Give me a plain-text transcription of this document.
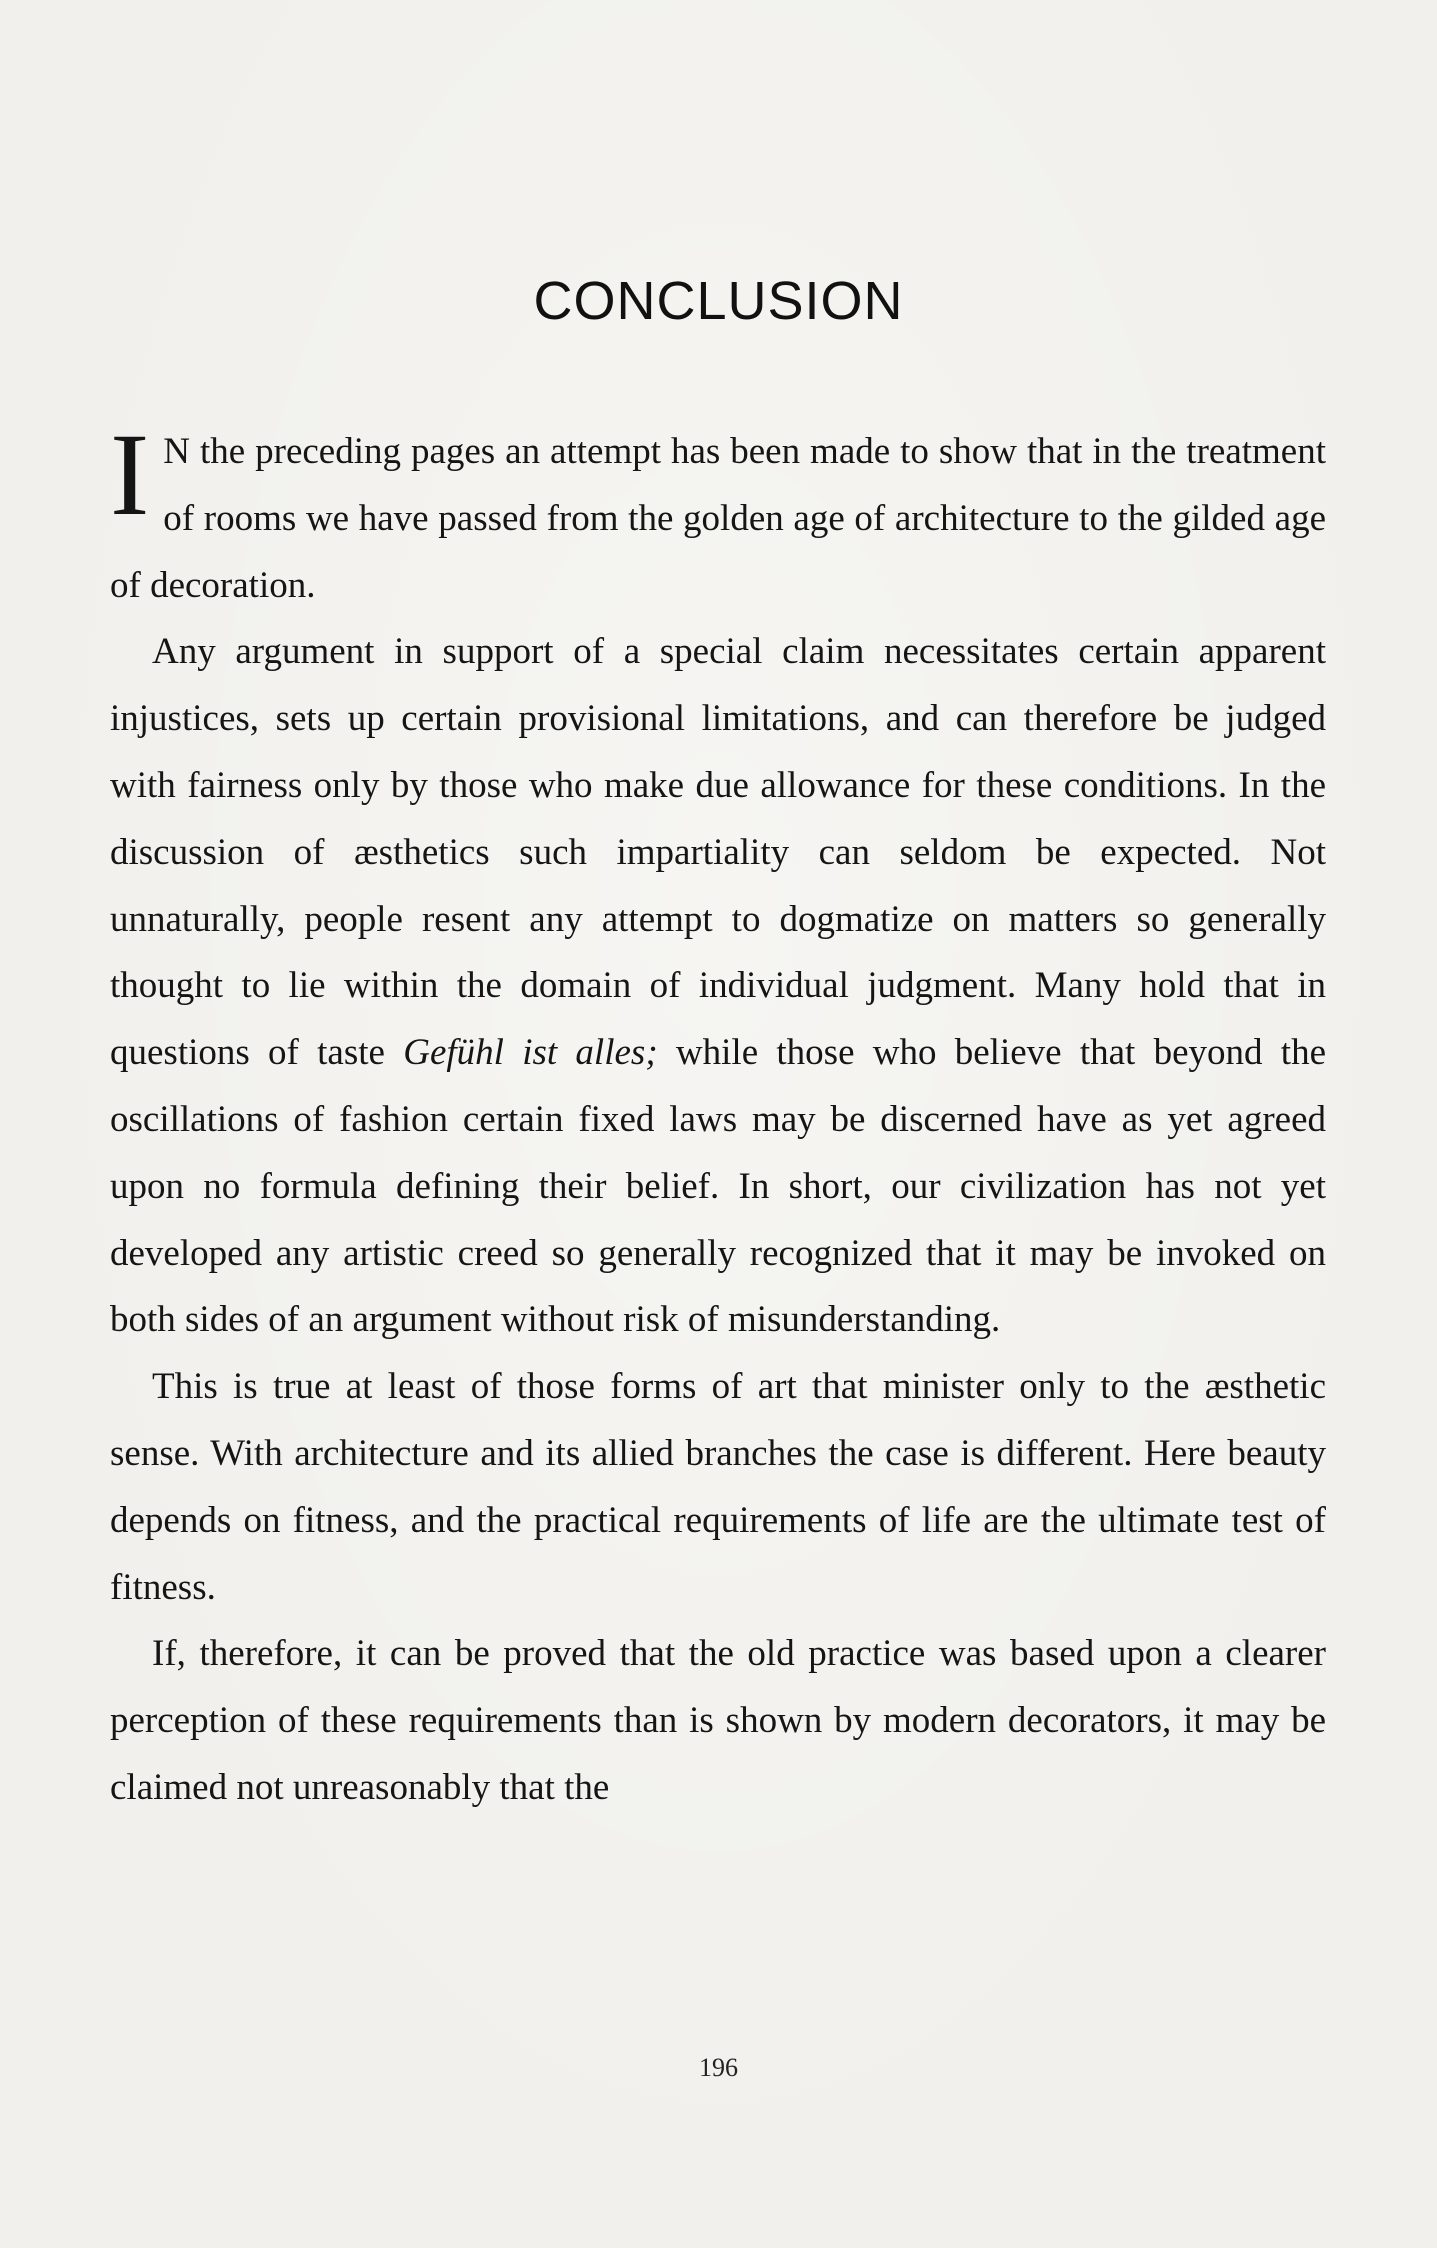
CONCLUSION

I N the preceding pages an attempt has been made to show that in the treatment of rooms we have passed from the golden age of architecture to the gilded age of decoration.

Any argument in support of a special claim necessitates certain apparent injustices, sets up certain provisional limitations, and can therefore be judged with fairness only by those who make due allowance for these conditions. In the discussion of æsthetics such impartiality can seldom be expected. Not unnaturally, people resent any attempt to dogmatize on matters so generally thought to lie within the domain of individual judgment. Many hold that in questions of taste Gefühl ist alles; while those who believe that beyond the oscillations of fashion certain fixed laws may be discerned have as yet agreed upon no formula defining their belief. In short, our civilization has not yet developed any artistic creed so generally recognized that it may be invoked on both sides of an argument without risk of misunderstanding.

This is true at least of those forms of art that minister only to the æsthetic sense. With architecture and its allied branches the case is different. Here beauty depends on fitness, and the practical requirements of life are the ultimate test of fitness.

If, therefore, it can be proved that the old practice was based upon a clearer perception of these requirements than is shown by modern decorators, it may be claimed not unreasonably that the

196
